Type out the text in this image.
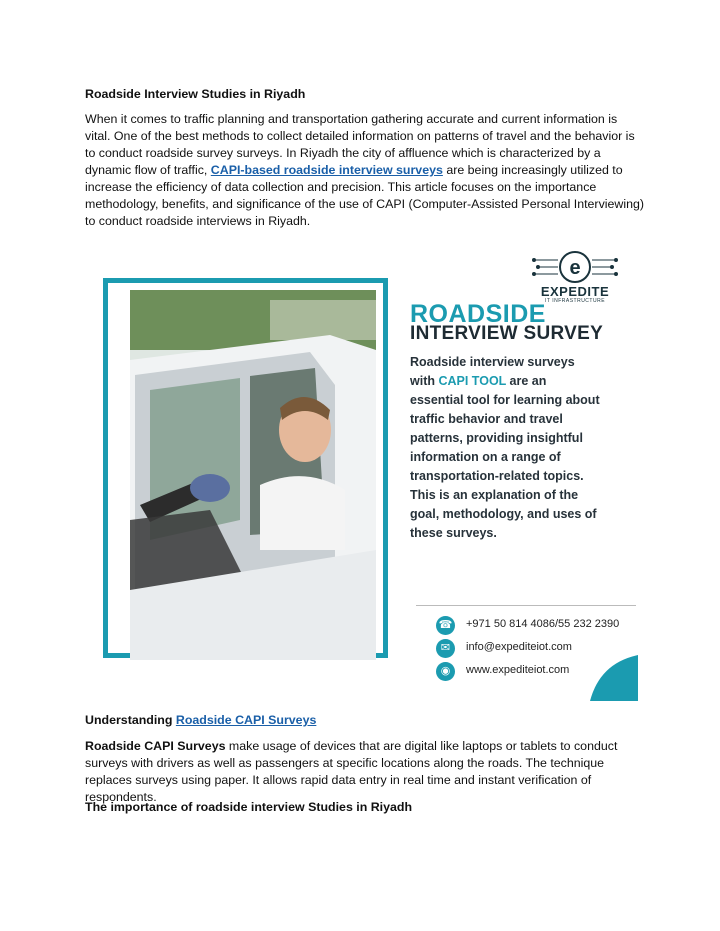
Roadside Interview Studies in Riyadh
When it comes to traffic planning and transportation gathering accurate and current information is vital. One of the best methods to collect detailed information on patterns of travel and the behavior is to conduct roadside survey surveys. In Riyadh the city of affluence which is characterized by a dynamic flow of traffic, CAPI-based roadside interview surveys are being increasingly utilized to increase the efficiency of data collection and precision. This article focuses on the importance methodology, benefits, and significance of the use of CAPI (Computer-Assisted Personal Interviewing) to conduct roadside interviews in Riyadh.
e
EXPEDITE
IT INFRASTRUCTURE
ROADSIDE
INTERVIEW SURVEY
Roadside interview surveys with CAPI TOOL are an essential tool for learning about traffic behavior and travel patterns, providing insightful information on a range of transportation-related topics. This is an explanation of the goal, methodology, and uses of these surveys.
☎ +971 50 814 4086/55 232 2390
✉	info@expediteiot.com
◉	www.expediteiot.com
Understanding Roadside CAPI Surveys
Roadside CAPI Surveys make usage of devices that are digital like laptops or tablets to conduct surveys with drivers as well as passengers at specific locations along the roads. The technique replaces surveys using paper. It allows rapid data entry in real time and instant verification of respondents.
The importance of roadside interview Studies in Riyadh
